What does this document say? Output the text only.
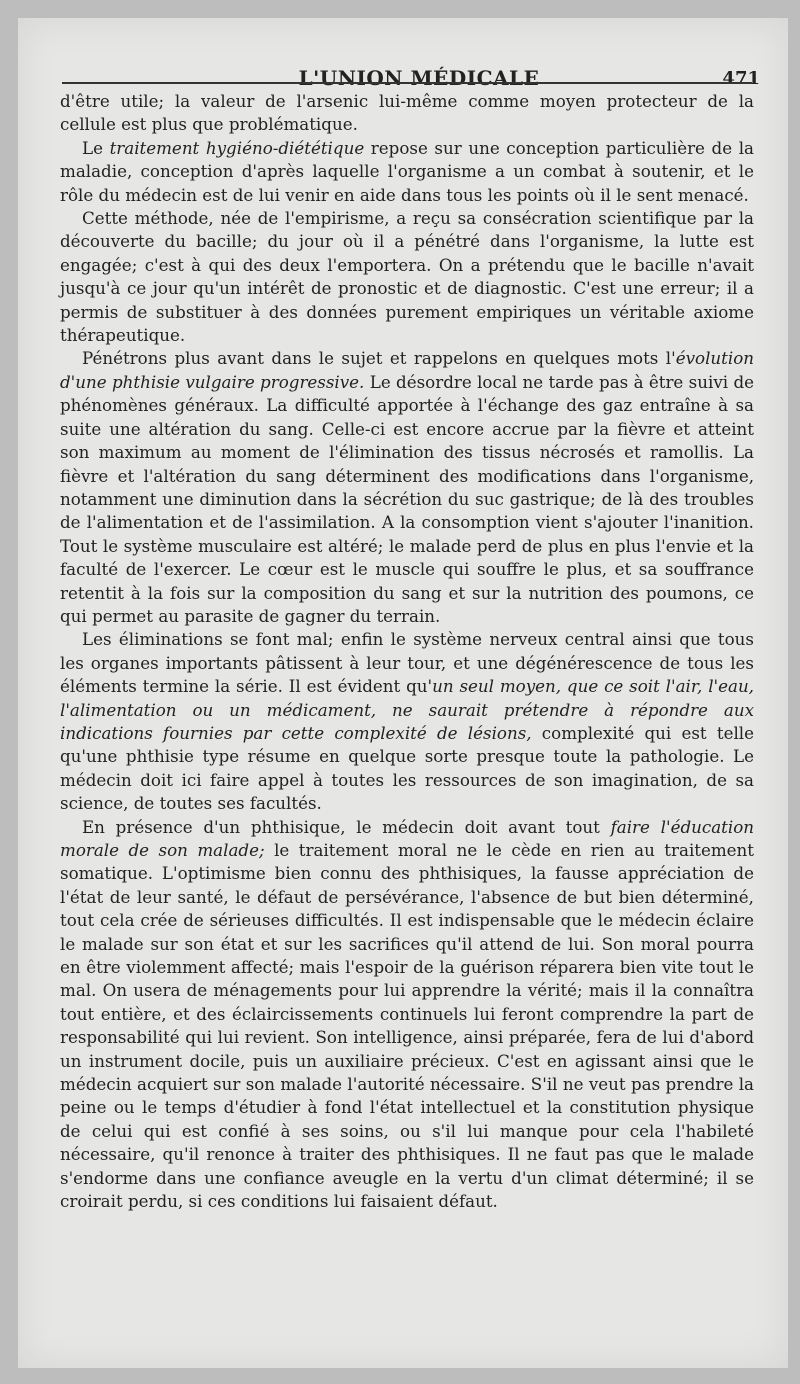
L'UNION MÉDICALE	471

d'être utile; la valeur de l'arsenic lui-même comme moyen protecteur de la cellule est plus que problématique.

Le traitement hygiéno-diététique repose sur une conception particulière de la maladie, conception d'après laquelle l'organisme a un combat à soutenir, et le rôle du médecin est de lui venir en aide dans tous les points où il le sent menacé.

Cette méthode, née de l'empirisme, a reçu sa consécration scientifique par la découverte du bacille; du jour où il a pénétré dans l'organisme, la lutte est engagée; c'est à qui des deux l'emportera. On a prétendu que le bacille n'avait jusqu'à ce jour qu'un intérêt de pronostic et de diagnostic. C'est une erreur; il a permis de substituer à des données purement empiriques un véritable axiome thérapeutique.

Pénétrons plus avant dans le sujet et rappelons en quelques mots l'évolution d'une phthisie vulgaire progressive. Le désordre local ne tarde pas à être suivi de phénomènes généraux. La difficulté apportée à l'échange des gaz entraîne à sa suite une altération du sang. Celle-ci est encore accrue par la fièvre et atteint son maximum au moment de l'élimination des tissus nécrosés et ramollis. La fièvre et l'altération du sang déterminent des modifications dans l'organisme, notamment une diminution dans la sécrétion du suc gastrique; de là des troubles de l'alimentation et de l'assimilation. A la consomption vient s'ajouter l'inanition. Tout le système musculaire est altéré; le malade perd de plus en plus l'envie et la faculté de l'exercer. Le cœur est le muscle qui souffre le plus, et sa souffrance retentit à la fois sur la composition du sang et sur la nutrition des poumons, ce qui permet au parasite de gagner du terrain.

Les éliminations se font mal; enfin le système nerveux central ainsi que tous les organes importants pâtissent à leur tour, et une dégénérescence de tous les éléments termine la série. Il est évident qu'un seul moyen, que ce soit l'air, l'eau, l'alimentation ou un médicament, ne saurait prétendre à répondre aux indications fournies par cette complexité de lésions, complexité qui est telle qu'une phthisie type résume en quelque sorte presque toute la pathologie. Le médecin doit ici faire appel à toutes les ressources de son imagination, de sa science, de toutes ses facultés.

En présence d'un phthisique, le médecin doit avant tout faire l'éducation morale de son malade; le traitement moral ne le cède en rien au traitement somatique. L'optimisme bien connu des phthisiques, la fausse appréciation de l'état de leur santé, le défaut de persévérance, l'absence de but bien déterminé, tout cela crée de sérieuses difficultés. Il est indispensable que le médecin éclaire le malade sur son état et sur les sacrifices qu'il attend de lui. Son moral pourra en être violemment affecté; mais l'espoir de la guérison réparera bien vite tout le mal. On usera de ménagements pour lui apprendre la vérité; mais il la connaîtra tout entière, et des éclaircissements continuels lui feront comprendre la part de responsabilité qui lui revient. Son intelligence, ainsi préparée, fera de lui d'abord un instrument docile, puis un auxiliaire précieux. C'est en agissant ainsi que le médecin acquiert sur son malade l'autorité nécessaire. S'il ne veut pas prendre la peine ou le temps d'étudier à fond l'état intellectuel et la constitution physique de celui qui est confié à ses soins, ou s'il lui manque pour cela l'habileté nécessaire, qu'il renonce à traiter des phthisiques. Il ne faut pas que le malade s'endorme dans une confiance aveugle en la vertu d'un climat déterminé; il se croirait perdu, si ces conditions lui faisaient défaut.
